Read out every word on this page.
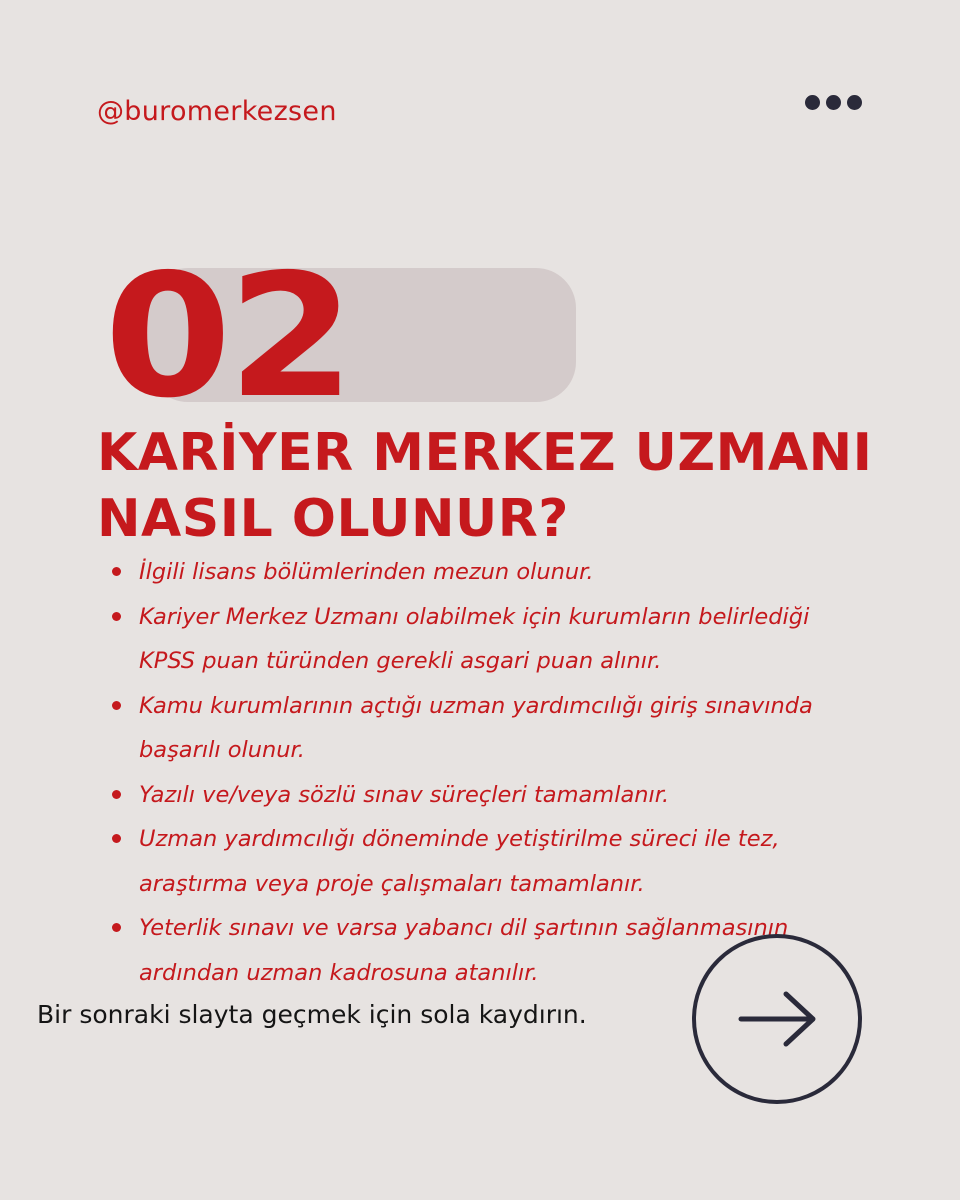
@buromerkezsen
02
KARİYER MERKEZ UZMANI
NASIL OLUNUR?
İlgili lisans bölümlerinden mezun olunur.
Kariyer Merkez Uzmanı olabilmek için kurumların belirlediği
KPSS puan türünden gerekli asgari puan alınır.
Kamu kurumlarının açtığı uzman yardımcılığı giriş sınavında
başarılı olunur.
Yazılı ve/veya sözlü sınav süreçleri tamamlanır.
Uzman yardımcılığı döneminde yetiştirilme süreci ile tez,
araştırma veya proje çalışmaları tamamlanır.
Yeterlik sınavı ve varsa yabancı dil şartının sağlanmasının
ardından uzman kadrosuna atanılır.
Bir sonraki slayta geçmek için sola kaydırın.
